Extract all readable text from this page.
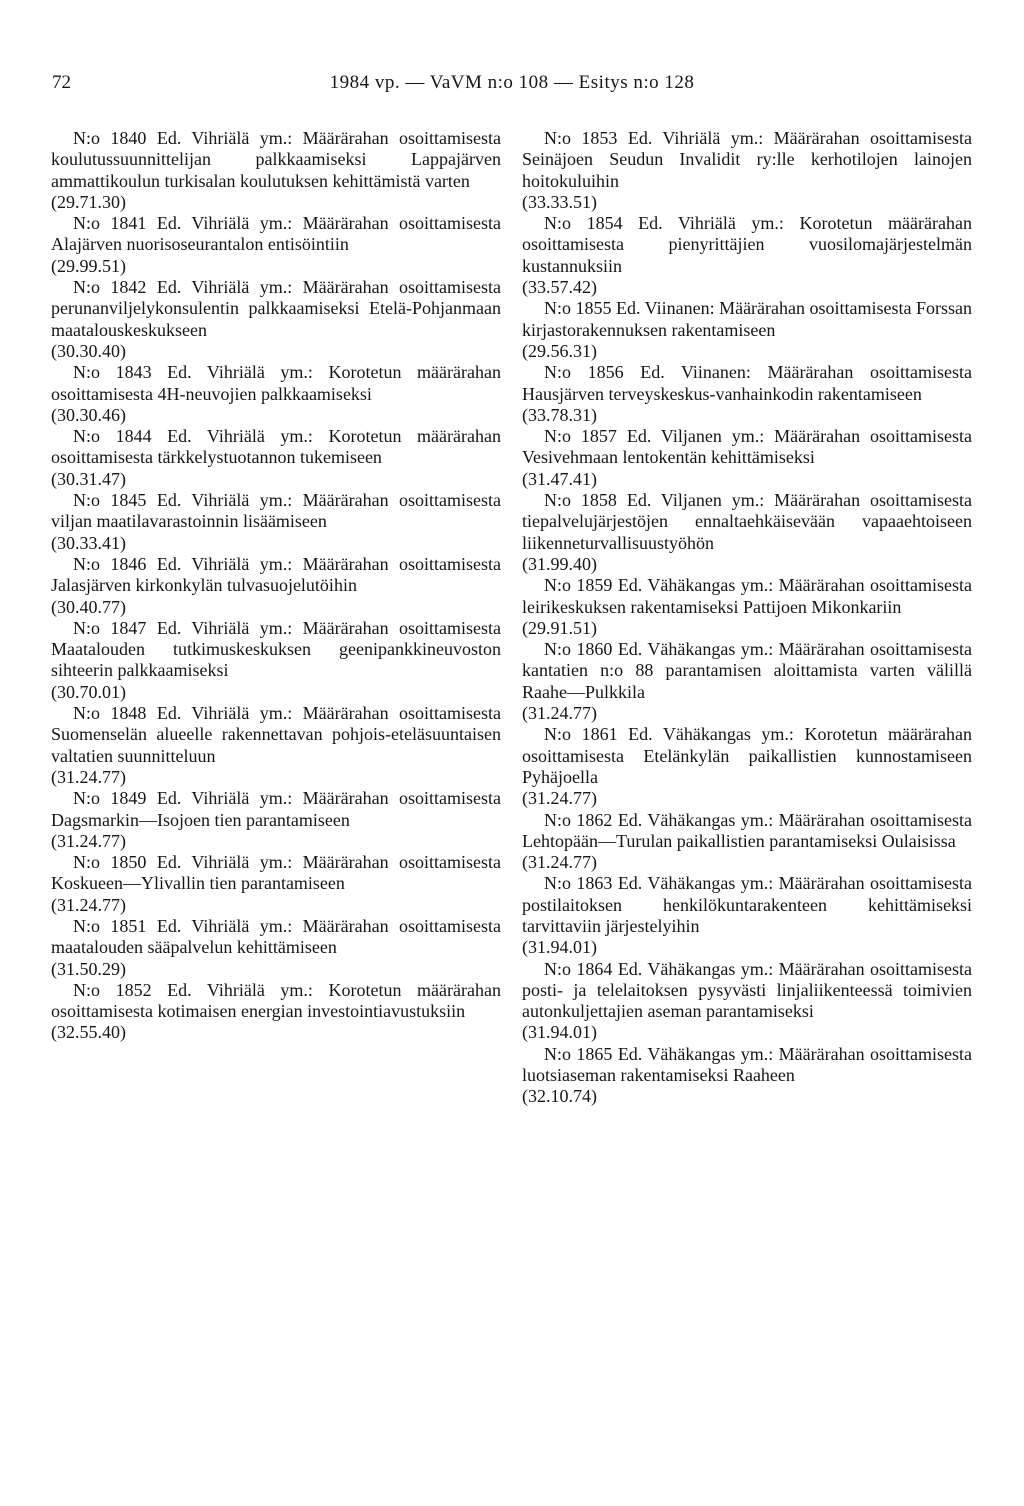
72	1984 vp. — VaVM n:o 108 — Esitys n:o 128

N:o 1840 Ed. Vihriälä ym.: Määrärahan osoittamisesta koulutussuunnittelijan palkkaamiseksi Lappajärven ammattikoulun turkisalan koulutuksen kehittämistä varten
(29.71.30)

N:o 1841 Ed. Vihriälä ym.: Määrärahan osoittamisesta Alajärven nuorisoseurantalon entisöintiin
(29.99.51)

N:o 1842 Ed. Vihriälä ym.: Määrärahan osoittamisesta perunanviljelykonsulentin palkkaamiseksi Etelä-Pohjanmaan maatalouskeskukseen
(30.30.40)

N:o 1843 Ed. Vihriälä ym.: Korotetun määrärahan osoittamisesta 4H-neuvojien palkkaamiseksi
(30.30.46)

N:o 1844 Ed. Vihriälä ym.: Korotetun määrärahan osoittamisesta tärkkelystuotannon tukemiseen
(30.31.47)

N:o 1845 Ed. Vihriälä ym.: Määrärahan osoittamisesta viljan maatilavarastoinnin lisäämiseen
(30.33.41)

N:o 1846 Ed. Vihriälä ym.: Määrärahan osoittamisesta Jalasjärven kirkonkylän tulvasuojelutöihin
(30.40.77)

N:o 1847 Ed. Vihriälä ym.: Määrärahan osoittamisesta Maatalouden tutkimuskeskuksen geenipankkineuvoston sihteerin palkkaamiseksi
(30.70.01)

N:o 1848 Ed. Vihriälä ym.: Määrärahan osoittamisesta Suomenselän alueelle rakennettavan pohjois-eteläsuuntaisen valtatien suunnitteluun
(31.24.77)

N:o 1849 Ed. Vihriälä ym.: Määrärahan osoittamisesta Dagsmarkin—Isojoen tien parantamiseen
(31.24.77)

N:o 1850 Ed. Vihriälä ym.: Määrärahan osoittamisesta Koskueen—Ylivallin tien parantamiseen
(31.24.77)

N:o 1851 Ed. Vihriälä ym.: Määrärahan osoittamisesta maatalouden sääpalvelun kehittämiseen
(31.50.29)

N:o 1852 Ed. Vihriälä ym.: Korotetun määrärahan osoittamisesta kotimaisen energian investointiavustuksiin
(32.55.40)

N:o 1853 Ed. Vihriälä ym.: Määrärahan osoittamisesta Seinäjoen Seudun Invalidit ry:lle kerhotilojen lainojen hoitokuluihin
(33.33.51)

N:o 1854 Ed. Vihriälä ym.: Korotetun määrärahan osoittamisesta pienyrittäjien vuosilomajärjestelmän kustannuksiin
(33.57.42)

N:o 1855 Ed. Viinanen: Määrärahan osoittamisesta Forssan kirjastorakennuksen rakentamiseen
(29.56.31)

N:o 1856 Ed. Viinanen: Määrärahan osoittamisesta Hausjärven terveyskeskus-vanhainkodin rakentamiseen
(33.78.31)

N:o 1857 Ed. Viljanen ym.: Määrärahan osoittamisesta Vesivehmaan lentokentän kehittämiseksi
(31.47.41)

N:o 1858 Ed. Viljanen ym.: Määrärahan osoittamisesta tiepalvelujärjestöjen ennaltaehkäisevään vapaaehtoiseen liikenneturvallisuustyöhön
(31.99.40)

N:o 1859 Ed. Vähäkangas ym.: Määrärahan osoittamisesta leirikeskuksen rakentamiseksi Pattijoen Mikonkariin
(29.91.51)

N:o 1860 Ed. Vähäkangas ym.: Määrärahan osoittamisesta kantatien n:o 88 parantamisen aloittamista varten välillä Raahe—Pulkkila
(31.24.77)

N:o 1861 Ed. Vähäkangas ym.: Korotetun määrärahan osoittamisesta Etelänkylän paikallistien kunnostamiseen Pyhäjoella
(31.24.77)

N:o 1862 Ed. Vähäkangas ym.: Määrärahan osoittamisesta Lehtopään—Turulan paikallistien parantamiseksi Oulaisissa
(31.24.77)

N:o 1863 Ed. Vähäkangas ym.: Määrärahan osoittamisesta postilaitoksen henkilökuntarakenteen kehittämiseksi tarvittaviin järjestelyihin
(31.94.01)

N:o 1864 Ed. Vähäkangas ym.: Määrärahan osoittamisesta posti- ja telelaitoksen pysyvästi linjaliikenteessä toimivien autonkuljettajien aseman parantamiseksi
(31.94.01)

N:o 1865 Ed. Vähäkangas ym.: Määrärahan osoittamisesta luotsiaseman rakentamiseksi Raaheen
(32.10.74)
